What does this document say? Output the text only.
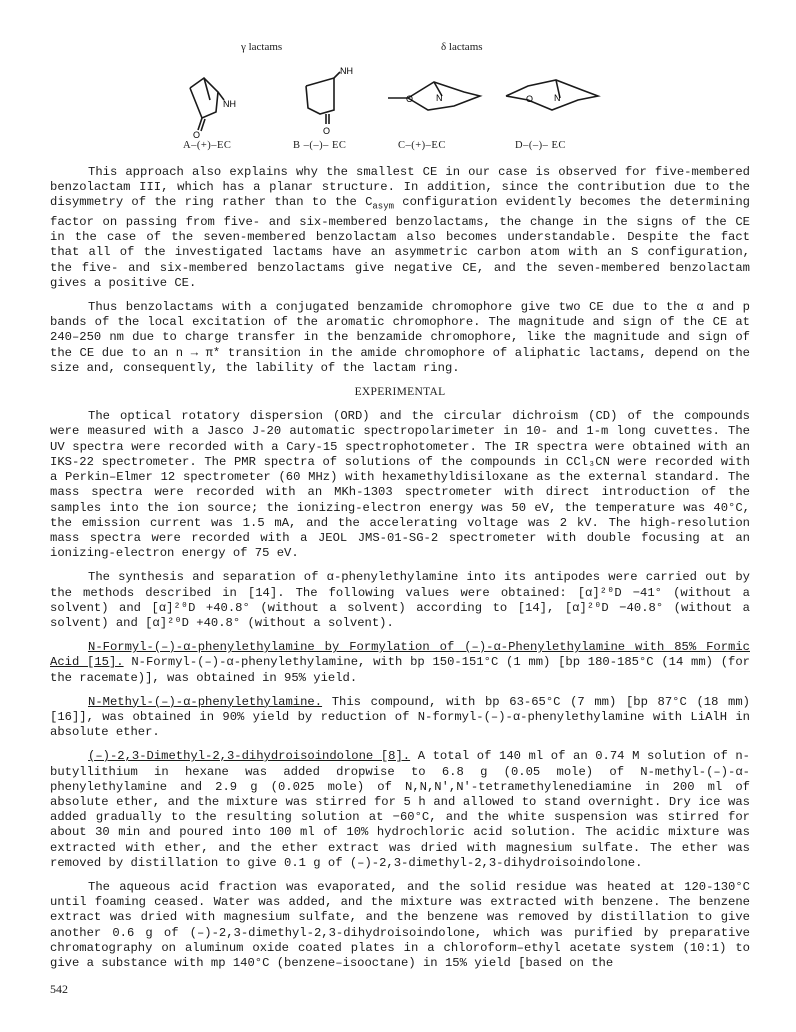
γ lactams	δ lactams
NH
O
NH
O
O	N	O N
A–(+)–EC	B –(–)– EC	C–(+)–EC	D–(–)– EC

This approach also explains why the smallest CE in our case is observed for five-membered benzolactam III, which has a planar structure. In addition, since the contribution due to the disymmetry of the ring rather than to the $C_{asym}$ configuration evidently becomes the determining factor on passing from five- and six-membered benzolactams, the change in the signs of the CE in the case of the seven-membered benzolactam also becomes understandable. Despite the fact that all of the investigated lactams have an asymmetric carbon atom with an S configuration, the five- and six-membered benzolactams give negative CE, and the seven-membered benzolactam gives a positive CE.

Thus benzolactams with a conjugated benzamide chromophore give two CE due to the α and p bands of the local excitation of the aromatic chromophore. The magnitude and sign of the CE at 240–250 nm due to charge transfer in the benzamide chromophore, like the magnitude and sign of the CE due to an n → π* transition in the amide chromophore of aliphatic lactams, depend on the size and, consequently, the lability of the lactam ring.

EXPERIMENTAL

The optical rotatory dispersion (ORD) and the circular dichroism (CD) of the compounds were measured with a Jasco J-20 automatic spectropolarimeter in 10- and 1-m long cuvettes. The UV spectra were recorded with a Cary-15 spectrophotometer. The IR spectra were obtained with an IKS-22 spectrometer. The PMR spectra of solutions of the compounds in CCl₃CN were recorded with a Perkin–Elmer 12 spectrometer (60 MHz) with hexamethyldisiloxane as the external standard. The mass spectra were recorded with an MKh-1303 spectrometer with direct introduction of the samples into the ion source; the ionizing-electron energy was 50 eV, the temperature was 40°C, the emission current was 1.5 mA, and the accelerating voltage was 2 kV. The high-resolution mass spectra were recorded with a JEOL JMS-01-SG-2 spectrometer with double focusing at an ionizing-electron energy of 75 eV.

The synthesis and separation of α-phenylethylamine into its antipodes were carried out by the methods described in [14]. The following values were obtained: [α]²⁰D −41° (without a solvent) and [α]²⁰D +40.8° (without a solvent) according to [14], [α]²⁰D −40.8° (without a solvent) and [α]²⁰D +40.8° (without a solvent).

N-Formyl-(–)-α-phenylethylamine by Formylation of (–)-α-Phenylethylamine with 85% Formic Acid [15]. N-Formyl-(–)-α-phenylethylamine, with bp 150-151°C (1 mm) [bp 180-185°C (14 mm) (for the racemate)], was obtained in 95% yield.

N-Methyl-(–)-α-phenylethylamine. This compound, with bp 63-65°C (7 mm) [bp 87°C (18 mm) [16]], was obtained in 90% yield by reduction of N-formyl-(–)-α-phenylethylamine with LiAlH in absolute ether.

(–)-2,3-Dimethyl-2,3-dihydroisoindolone [8]. A total of 140 ml of an 0.74 M solution of n-butyllithium in hexane was added dropwise to 6.8 g (0.05 mole) of N-methyl-(–)-α-phenylethylamine and 2.9 g (0.025 mole) of N,N,N′,N′-tetramethylenediamine in 200 ml of absolute ether, and the mixture was stirred for 5 h and allowed to stand overnight. Dry ice was added gradually to the resulting solution at −60°C, and the white suspension was stirred for about 30 min and poured into 100 ml of 10% hydrochloric acid solution. The acidic mixture was extracted with ether, and the ether extract was dried with magnesium sulfate. The ether was removed by distillation to give 0.1 g of (–)-2,3-dimethyl-2,3-dihydroisoindolone.

The aqueous acid fraction was evaporated, and the solid residue was heated at 120-130°C until foaming ceased. Water was added, and the mixture was extracted with benzene. The benzene extract was dried with magnesium sulfate, and the benzene was removed by distillation to give another 0.6 g of (–)-2,3-dimethyl-2,3-dihydroisoindolone, which was purified by preparative chromatography on aluminum oxide coated plates in a chloroform–ethyl acetate system (10:1) to give a substance with mp 140°C (benzene–isooctane) in 15% yield [based on the

542
